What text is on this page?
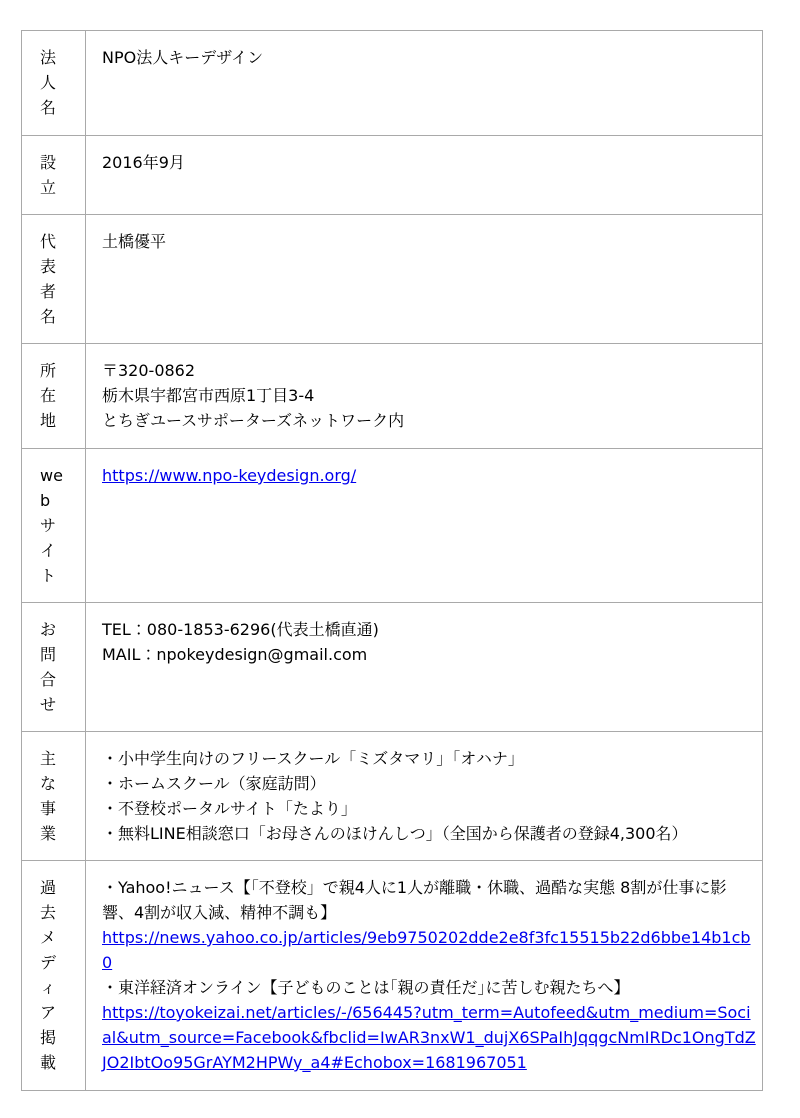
法人名	NPO法人キーデザイン

設立	2016年9月

代表者名	土橋優平

所在地	〒320-0862
栃木県宇都宮市西原1丁目3-4
とちぎユースサポーターズネットワーク内

webサイト	https://www.npo-keydesign.org/

お問合せ	TEL：080-1853-6296(代表土橋直通)
MAIL：npokeydesign@gmail.com

主な事業	・小中学生向けのフリースクール「ミズタマリ」「オハナ」
・ホームスクール（家庭訪問）
・不登校ポータルサイト「たより」
・無料LINE相談窓口「お母さんのほけんしつ」（全国から保護者の登録4,300名）

過去メディア掲載	・Yahoo!ニュース【「不登校」で親4人に1人が離職・休職、過酷な実態 8割が仕事に影響、4割が収入減、精神不調も】
https://news.yahoo.co.jp/articles/9eb9750202dde2e8f3fc15515b22d6bbe14b1cb0
・東洋経済オンライン【子どものことは｢親の責任だ｣に苦しむ親たちへ】
https://toyokeizai.net/articles/-/656445?utm_term=Autofeed&utm_medium=Social&utm_source=Facebook&fbclid=IwAR3nxW1_dujX6SPaIhJqqgcNmIRDc1OngTdZJO2IbtOo95GrAYM2HPWy_a4#Echobox=1681967051
